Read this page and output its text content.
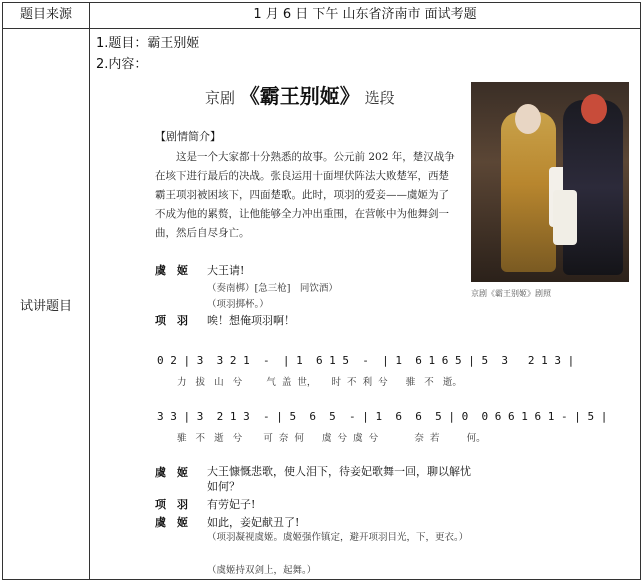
题目来源	1 月 6 日 下午 山东省济南市 面试考题
试讲题目	1.题目：霸王别姬
2.内容：
京剧 《霸王别姬》 选段
京剧《霸王别姬》剧照
【剧情简介】
这是一个大家都十分熟悉的故事。公元前 202 年，楚汉战争在垓下进行最后的决战。张良运用十面埋伏阵法大败楚军，西楚霸王项羽被困垓下，四面楚歌。此时，项羽的爱妾——虞姬为了不成为他的累赘，让他能够全力冲出重围，在营帐中为他舞剑一曲，然后自尽身亡。
虞　姬 大王请!
（奏南梆）[急三枪]　同饮酒）
（项羽掷杯。）
项　羽 唉！想俺项羽啊！
0 2 | 3  3 2 1  -  | 1  6 1 5  -  | 1  6 1 6 5 | 5  3   2 1 3 |
力   拔   山   兮        气  盖  世，     时  不  利  兮      骓   不   逝。
3 3 | 3  2 1 3  - | 5  6  5  - | 1  6  6  5 | 0  0 6 6 1 6 1 - | 5 |
骓   不   逝   兮       可  奈  何      虞  兮  虞  兮            奈  若         何。
虞　姬 大王慷慨悲歌，使人泪下，待妾妃歌舞一回，聊以解忧如何？
项　羽 有劳妃子!
虞　姬 如此，妾妃献丑了!
（项羽凝视虞姬。虞姬强作镇定，避开项羽目光，下，更衣。）
（虞姬持双剑上，起舞。）
